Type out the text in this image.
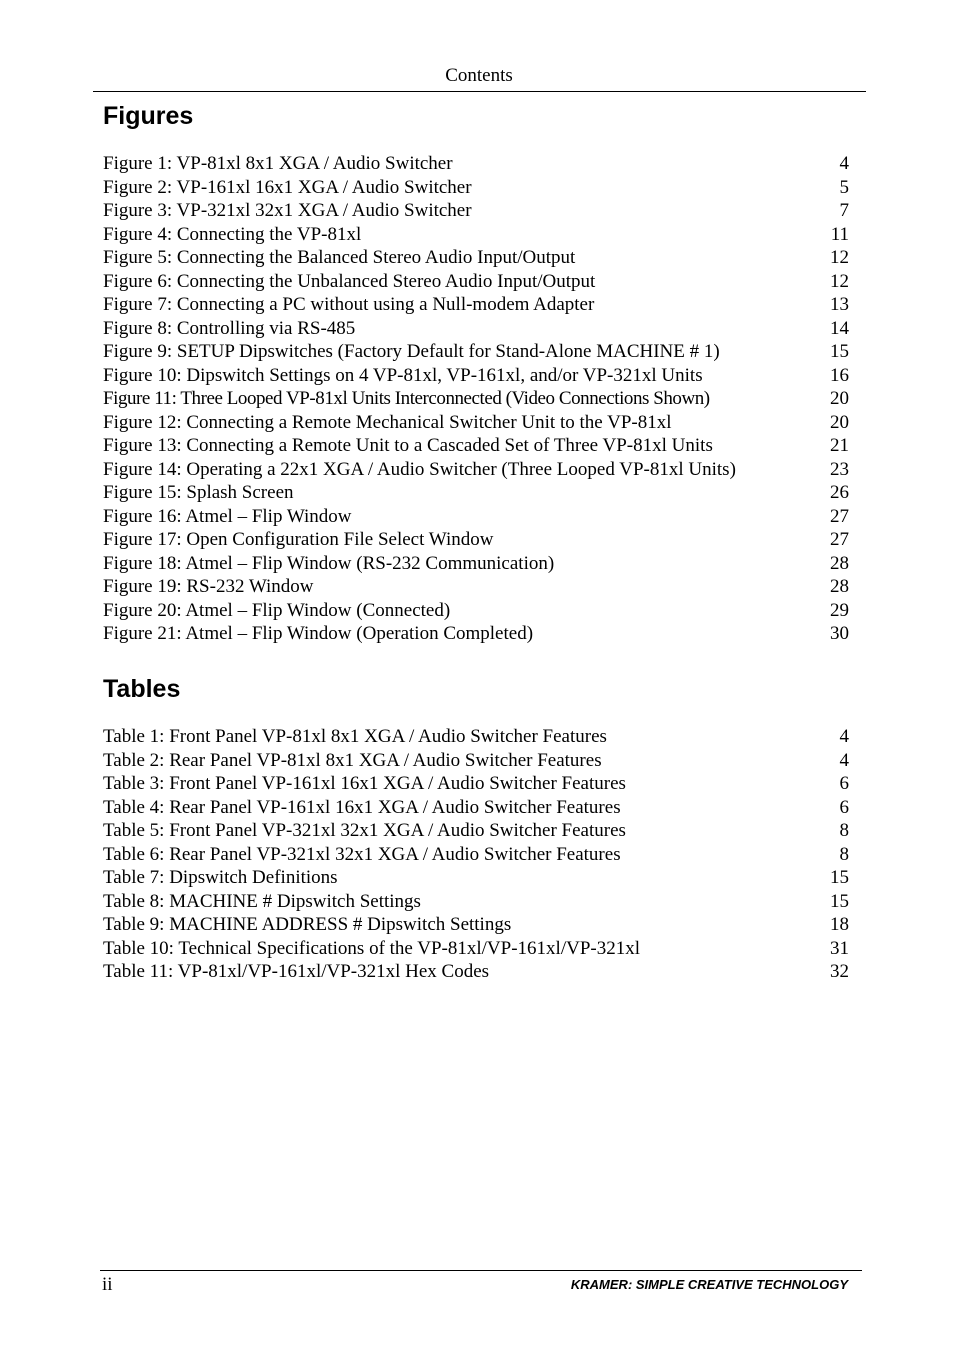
Contents
Figures
Figure 1: VP-81xl 8x1 XGA / Audio Switcher	4
Figure 2: VP-161xl 16x1 XGA / Audio Switcher	5
Figure 3: VP-321xl 32x1 XGA / Audio Switcher	7
Figure 4: Connecting the VP-81xl	11
Figure 5: Connecting the Balanced Stereo Audio Input/Output	12
Figure 6: Connecting the Unbalanced Stereo Audio Input/Output	12
Figure 7: Connecting a PC without using a Null-modem Adapter	13
Figure 8: Controlling via RS-485	14
Figure 9: SETUP Dipswitches (Factory Default for Stand-Alone MACHINE # 1)	15
Figure 10: Dipswitch Settings on 4 VP-81xl, VP-161xl, and/or VP-321xl Units	16
Figure 11: Three Looped VP-81xl Units Interconnected (Video Connections Shown)	20
Figure 12: Connecting a Remote Mechanical Switcher Unit to the VP-81xl	20
Figure 13: Connecting a Remote Unit to a Cascaded Set of Three VP-81xl Units	21
Figure 14: Operating a 22x1 XGA / Audio Switcher (Three Looped VP-81xl Units)	23
Figure 15: Splash Screen	26
Figure 16: Atmel – Flip Window	27
Figure 17: Open Configuration File Select Window	27
Figure 18: Atmel – Flip Window (RS-232 Communication)	28
Figure 19: RS-232 Window	28
Figure 20: Atmel – Flip Window (Connected)	29
Figure 21: Atmel – Flip Window (Operation Completed)	30
Tables
Table 1: Front Panel VP-81xl 8x1 XGA / Audio Switcher Features	4
Table 2: Rear Panel VP-81xl 8x1 XGA / Audio Switcher Features	4
Table 3: Front Panel VP-161xl 16x1 XGA / Audio Switcher Features	6
Table 4: Rear Panel VP-161xl 16x1 XGA / Audio Switcher Features	6
Table 5: Front Panel VP-321xl 32x1 XGA / Audio Switcher Features	8
Table 6: Rear Panel VP-321xl 32x1 XGA / Audio Switcher Features	8
Table 7: Dipswitch Definitions	15
Table 8: MACHINE # Dipswitch Settings	15
Table 9: MACHINE ADDRESS # Dipswitch Settings	18
Table 10: Technical Specifications of the VP-81xl/VP-161xl/VP-321xl	31
Table 11: VP-81xl/VP-161xl/VP-321xl Hex Codes	32
ii	KRAMER: SIMPLE CREATIVE TECHNOLOGY
